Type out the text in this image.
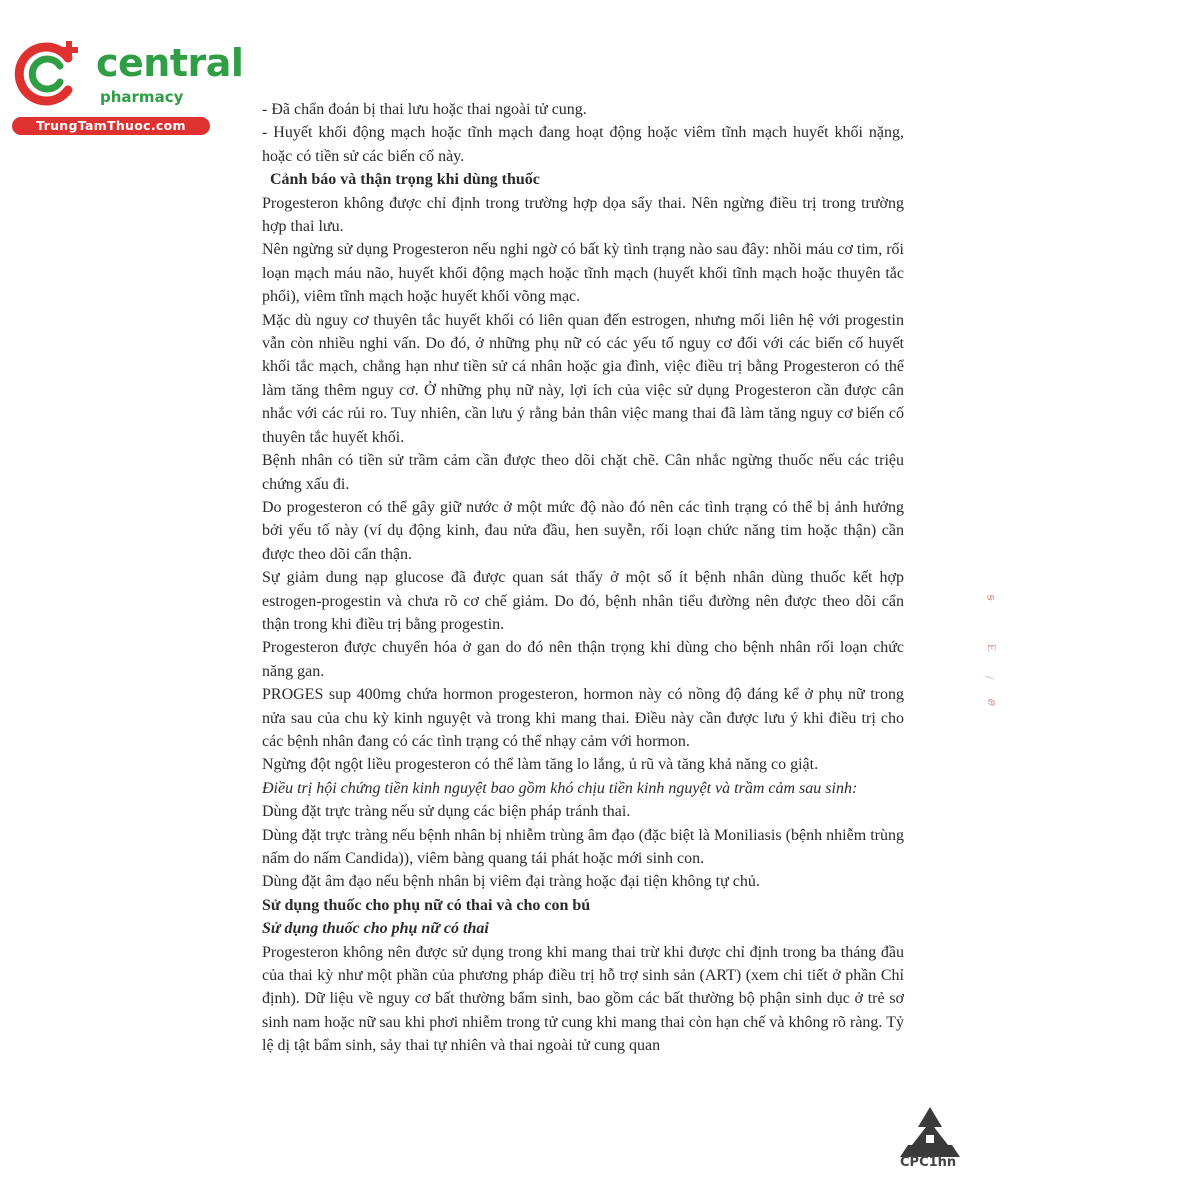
central
pharmacy
TrungTamThuoc.com

- Đã chẩn đoán bị thai lưu hoặc thai ngoài tử cung.

- Huyết khối động mạch hoặc tĩnh mạch đang hoạt động hoặc viêm tĩnh mạch huyết khối nặng, hoặc có tiền sử các biến cố này.

Cảnh báo và thận trọng khi dùng thuốc

Progesteron không được chỉ định trong trường hợp dọa sẩy thai. Nên ngừng điều trị trong trường hợp thai lưu.

Nên ngừng sử dụng Progesteron nếu nghi ngờ có bất kỳ tình trạng nào sau đây: nhồi máu cơ tim, rối loạn mạch máu não, huyết khối động mạch hoặc tĩnh mạch (huyết khối tĩnh mạch hoặc thuyên tắc phổi), viêm tĩnh mạch hoặc huyết khối võng mạc.

Mặc dù nguy cơ thuyên tắc huyết khối có liên quan đến estrogen, nhưng mối liên hệ với progestin vẫn còn nhiều nghi vấn. Do đó, ở những phụ nữ có các yếu tố nguy cơ đối với các biến cố huyết khối tắc mạch, chẳng hạn như tiền sử cá nhân hoặc gia đình, việc điều trị bằng Progesteron có thể làm tăng thêm nguy cơ. Ở những phụ nữ này, lợi ích của việc sử dụng Progesteron cần được cân nhắc với các rủi ro. Tuy nhiên, cần lưu ý rằng bản thân việc mang thai đã làm tăng nguy cơ biến cố thuyên tắc huyết khối.

Bệnh nhân có tiền sử trầm cảm cần được theo dõi chặt chẽ. Cân nhắc ngừng thuốc nếu các triệu chứng xấu đi.

Do progesteron có thể gây giữ nước ở một mức độ nào đó nên các tình trạng có thể bị ảnh hưởng bởi yếu tố này (ví dụ động kinh, đau nửa đầu, hen suyễn, rối loạn chức năng tim hoặc thận) cần được theo dõi cẩn thận.

Sự giảm dung nạp glucose đã được quan sát thấy ở một số ít bệnh nhân dùng thuốc kết hợp estrogen-progestin và chưa rõ cơ chế giảm. Do đó, bệnh nhân tiểu đường nên được theo dõi cẩn thận trong khi điều trị bằng progestin.

Progesteron được chuyển hóa ở gan do đó nên thận trọng khi dùng cho bệnh nhân rối loạn chức năng gan.

PROGES sup 400mg chứa hormon progesteron, hormon này có nồng độ đáng kể ở phụ nữ trong nửa sau của chu kỳ kinh nguyệt và trong khi mang thai. Điều này cần được lưu ý khi điều trị cho các bệnh nhân đang có các tình trạng có thể nhạy cảm với hormon.

Ngừng đột ngột liều progesteron có thể làm tăng lo lắng, ủ rũ và tăng khả năng co giật.

Điều trị hội chứng tiền kinh nguyệt bao gồm khó chịu tiền kinh nguyệt và trầm cảm sau sinh:

Dùng đặt trực tràng nếu sử dụng các biện pháp tránh thai.

Dùng đặt trực tràng nếu bệnh nhân bị nhiễm trùng âm đạo (đặc biệt là Moniliasis (bệnh nhiễm trùng nấm do nấm Candida)), viêm bàng quang tái phát hoặc mới sinh con.

Dùng đặt âm đạo nếu bệnh nhân bị viêm đại tràng hoặc đại tiện không tự chủ.

Sử dụng thuốc cho phụ nữ có thai và cho con bú

Sử dụng thuốc cho phụ nữ có thai

Progesteron không nên được sử dụng trong khi mang thai trừ khi được chỉ định trong ba tháng đầu của thai kỳ như một phần của phương pháp điều trị hỗ trợ sinh sản (ART) (xem chi tiết ở phần Chỉ định). Dữ liệu về nguy cơ bất thường bẩm sinh, bao gồm các bất thường bộ phận sinh dục ở trẻ sơ sinh nam hoặc nữ sau khi phơi nhiễm trong tử cung khi mang thai còn hạn chế và không rõ ràng. Tỷ lệ dị tật bẩm sinh, sảy thai tự nhiên và thai ngoài tử cung quan

ꞩ
E
/
ⅇ
CPC1hn
